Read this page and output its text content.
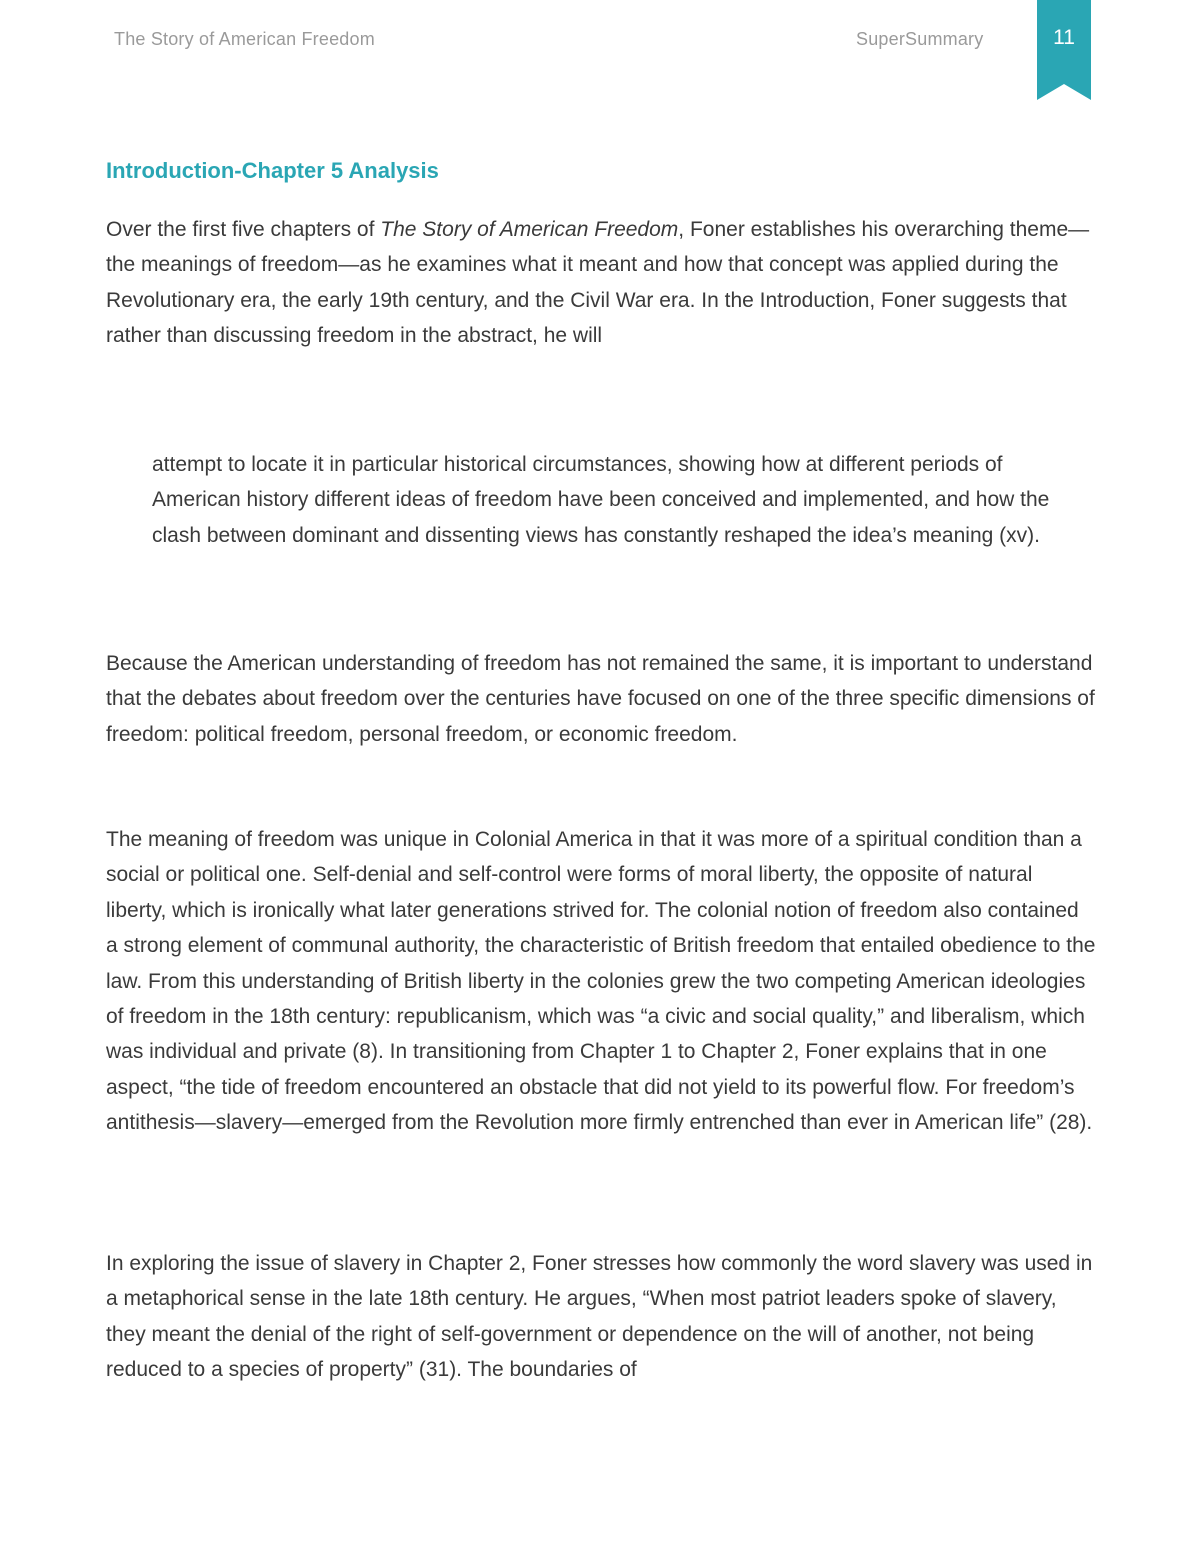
The Story of American Freedom	SuperSummary	11
Introduction-Chapter 5 Analysis

Over the first five chapters of The Story of American Freedom, Foner establishes his overarching theme—the meanings of freedom—as he examines what it meant and how that concept was applied during the Revolutionary era, the early 19th century, and the Civil War era. In the Introduction, Foner suggests that rather than discussing freedom in the abstract, he will

attempt to locate it in particular historical circumstances, showing how at different periods of American history different ideas of freedom have been conceived and implemented, and how the clash between dominant and dissenting views has constantly reshaped the idea’s meaning (xv).

Because the American understanding of freedom has not remained the same, it is important to understand that the debates about freedom over the centuries have focused on one of the three specific dimensions of freedom: political freedom, personal freedom, or economic freedom.

The meaning of freedom was unique in Colonial America in that it was more of a spiritual condition than a social or political one. Self-denial and self-control were forms of moral liberty, the opposite of natural liberty, which is ironically what later generations strived for. The colonial notion of freedom also contained a strong element of communal authority, the characteristic of British freedom that entailed obedience to the law. From this understanding of British liberty in the colonies grew the two competing American ideologies of freedom in the 18th century: republicanism, which was “a civic and social quality,” and liberalism, which was individual and private (8). In transitioning from Chapter 1 to Chapter 2, Foner explains that in one aspect, “the tide of freedom encountered an obstacle that did not yield to its powerful flow. For freedom’s antithesis—slavery—emerged from the Revolution more firmly entrenched than ever in American life” (28).

In exploring the issue of slavery in Chapter 2, Foner stresses how commonly the word slavery was used in a metaphorical sense in the late 18th century. He argues, “When most patriot leaders spoke of slavery, they meant the denial of the right of self-government or dependence on the will of another, not being reduced to a species of property” (31). The boundaries of
